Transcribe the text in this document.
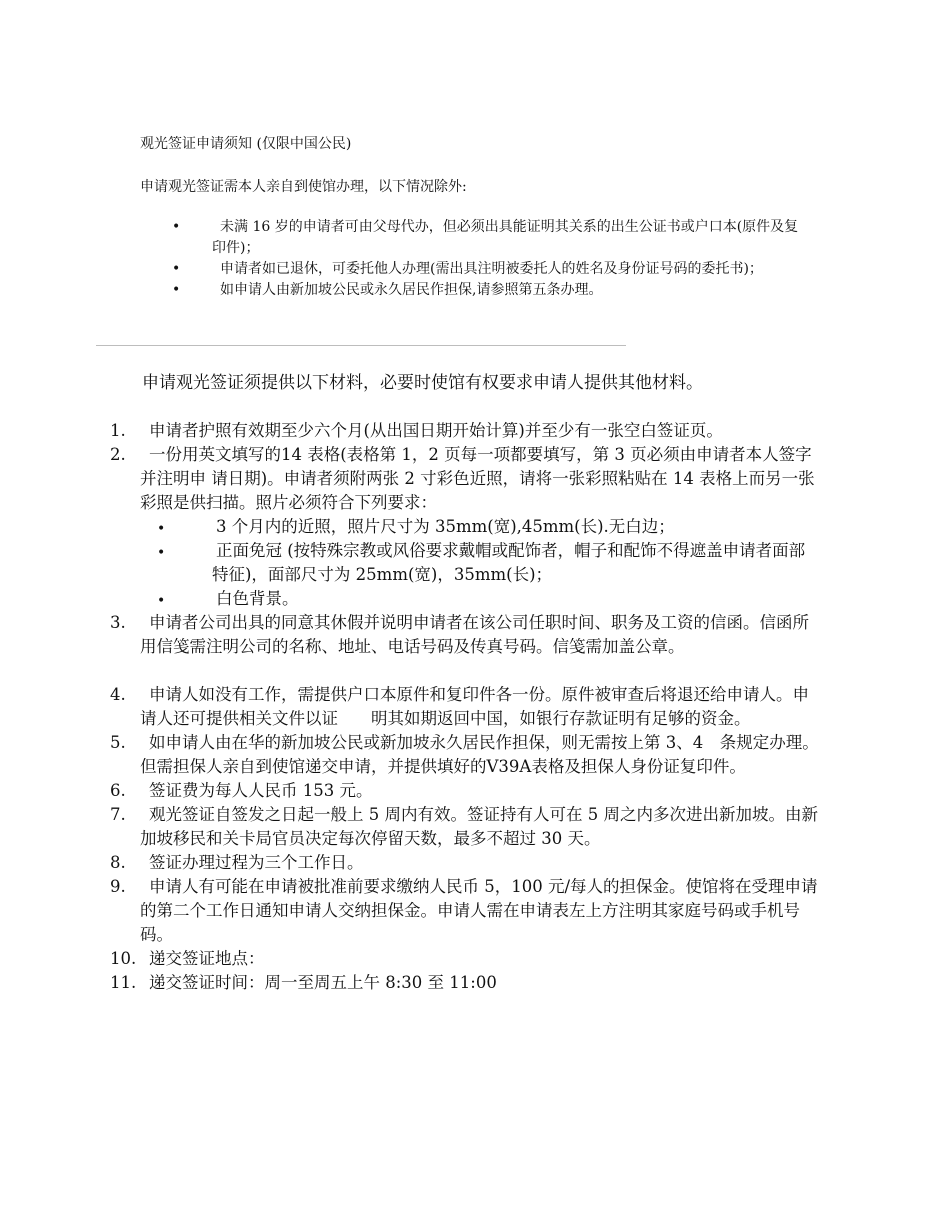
观光签证申请须知 (仅限中国公民)
申请观光签证需本人亲自到使馆办理，以下情况除外:
•	未满 16 岁的申请者可由父母代办，但必须出具能证明其关系的出生公证书或户口本(原件及复印件)；
•	申请者如已退休，可委托他人办理(需出具注明被委托人的姓名及身份证号码的委托书)；
•	如申请人由新加坡公民或永久居民作担保,请参照第五条办理。
申请观光签证须提供以下材料，必要时使馆有权要求申请人提供其他材料。
1.	申请者护照有效期至少六个月(从出国日期开始计算)并至少有一张空白签证页。
2.	一份用英文填写的14 表格(表格第 1，2 页每一项都要填写，第 3 页必须由申请者本人签字并注明申 请日期)。申请者须附两张 2 寸彩色近照，请将一张彩照粘贴在 14 表格上而另一张彩照是供扫描。照片必须符合下列要求：
•	3 个月内的近照，照片尺寸为 35mm(宽),45mm(长).无白边；
•	正面免冠 (按特殊宗教或风俗要求戴帽或配饰者，帽子和配饰不得遮盖申请者面部特征)，面部尺寸为 25mm(宽)，35mm(长)；
•	白色背景。
3.	申请者公司出具的同意其休假并说明申请者在该公司任职时间、职务及工资的信函。信函所用信笺需注明公司的名称、地址、电话号码及传真号码。信笺需加盖公章。
4.	申请人如没有工作，需提供户口本原件和复印件各一份。原件被审查后将退还给申请人。申请人还可提供相关文件以证　　明其如期返回中国，如银行存款证明有足够的资金。
5.	如申请人由在华的新加坡公民或新加坡永久居民作担保，则无需按上第 3、4　条规定办理。但需担保人亲自到使馆递交申请，并提供填好的V39A表格及担保人身份证复印件。
6.	签证费为每人人民币 153 元。
7.	观光签证自签发之日起一般上 5 周内有效。签证持有人可在 5 周之内多次进出新加坡。由新加坡移民和关卡局官员决定每次停留天数，最多不超过 30 天。
8.	签证办理过程为三个工作日。
9.	申请人有可能在申请被批准前要求缴纳人民币 5，100 元/每人的担保金。使馆将在受理申请的第二个工作日通知申请人交纳担保金。申请人需在申请表左上方注明其家庭号码或手机号码。
10. 递交签证地点：
11. 递交签证时间：周一至周五上午 8:30 至 11:00
